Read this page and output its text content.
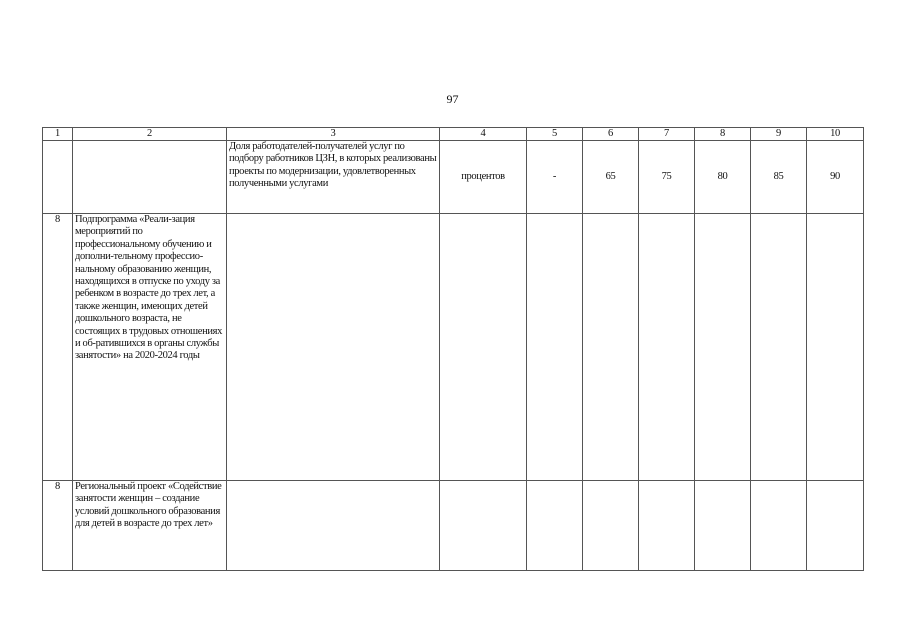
97
1	2	3	4	5	6	7	8	9	10
		Доля работодателей-получателей услуг по подбору работников ЦЗН, в которых реализованы проекты по модернизации, удовлетворенных полученными услугами	процентов	-	65	75	80	85	90
8	Подпрограмма «Реали-зация мероприятий по профессиональному обучению и дополни-тельному профессио-нальному образованию женщин, находящихся в отпуске по уходу за ребенком в возрасте до трех лет, а также женщин, имеющих детей дошкольного возраста, не состоящих в трудовых отношениях и об-ратившихся в органы службы занятости» на 2020-2024 годы								
8	Региональный проект «Содействие занятости женщин – создание условий дошкольного образования для детей в возрасте до трех лет»								
